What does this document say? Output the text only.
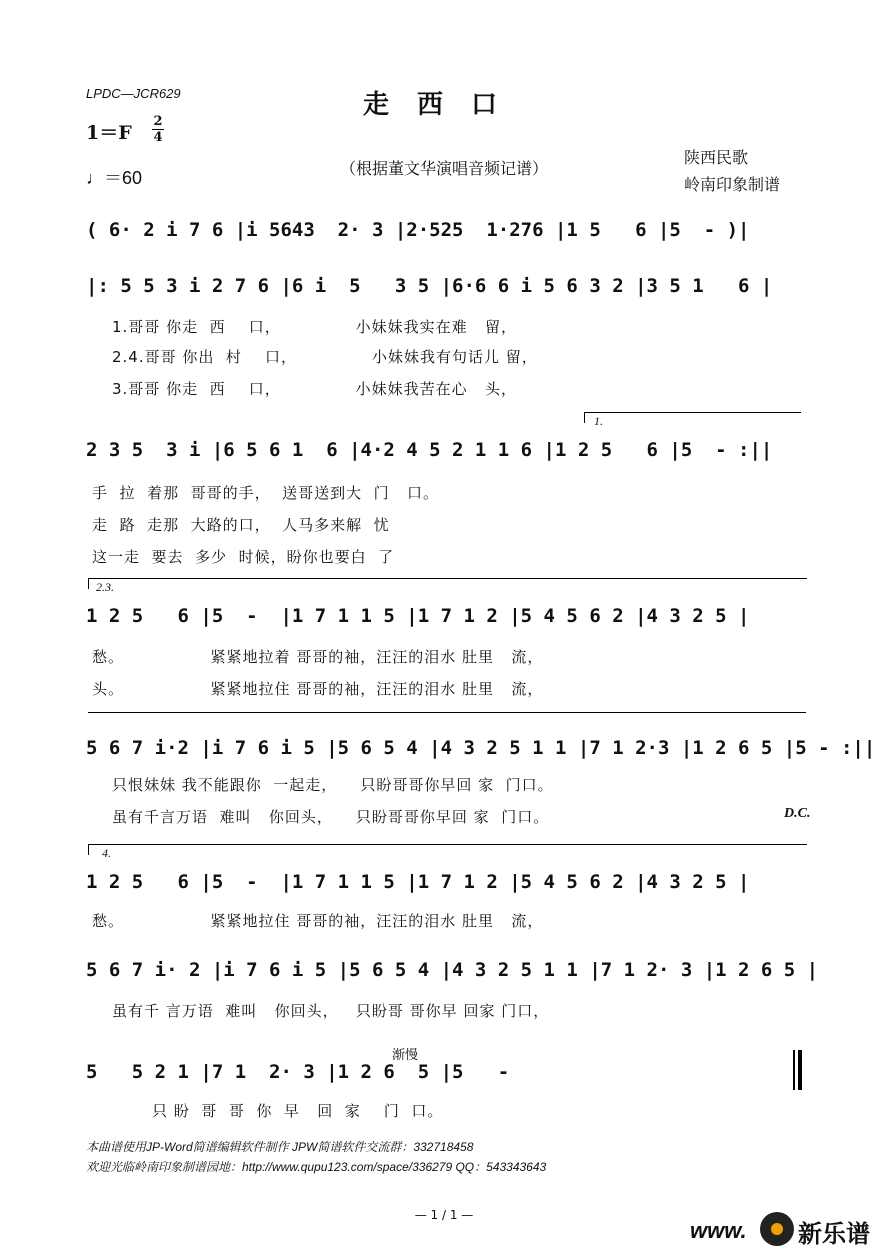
LPDC—JCR629	走西口
1＝F
2
4
♩＝60	（根据董文华演唱音频记谱）
陕西民歌
岭南印象制谱
( 6· 2 i 7 6 |i 5643  2· 3 |2·525  1·276 |1 5   6 |5  - )|
|: 5 5 3 i 2 7 6 |6 i  5   3 5 |6·6 6 i 5 6 3 2 |3 5 1   6 |
1.哥哥 你走  西    口，             小妹妹我实在难   留，
2.4.哥哥 你出  村    口，             小妹妹我有句话儿 留，
3.哥哥 你走  西    口，             小妹妹我苦在心   头，
1.
2 3 5  3 i |6 5 6 1  6 |4·2 4 5 2 1 1 6 |1 2 5   6 |5  - :||
手  拉  着那  哥哥的手，  送哥送到大  门   口。
走  路  走那  大路的口，  人马多来解  忧
这一走  要去  多少  时候，盼你也要白  了
2.3.
1 2 5   6 |5  -  |1 7 1 1 5 |1 7 1 2 |5 4 5 6 2 |4 3 2 5 |
愁。               紧紧地拉着 哥哥的袖，汪汪的泪水 肚里   流，
头。               紧紧地拉住 哥哥的袖，汪汪的泪水 肚里   流，
5 6 7 i·2 |i 7 6 i 5 |5 6 5 4 |4 3 2 5 1 1 |7 1 2·3 |1 2 6 5 |5 - :||
只恨妹妹 我不能跟你  一起走，    只盼哥哥你早回 家  门口。
虽有千言万语  难叫   你回头，    只盼哥哥你早回 家  门口。	D.C.
4.
1 2 5   6 |5  -  |1 7 1 1 5 |1 7 1 2 |5 4 5 6 2 |4 3 2 5 |
愁。               紧紧地拉住 哥哥的袖，汪汪的泪水 肚里   流，
5 6 7 i· 2 |i 7 6 i 5 |5 6 5 4 |4 3 2 5 1 1 |7 1 2· 3 |1 2 6 5 |
虽有千 言万语  难叫   你回头，   只盼哥 哥你早 回家 门口，
渐慢
5   5 2 1 |7 1  2· 3 |1 2 6  5 |5   -
只 盼  哥  哥  你  早   回  家    门  口。
本曲谱使用JP-Word简谱编辑软件制作 JPW简谱软件交流群：332718458
欢迎光临岭南印象制谱园地：http://www.qupu123.com/space/336279 QQ：543343643
— 1 / 1 —
www. 新乐谱
